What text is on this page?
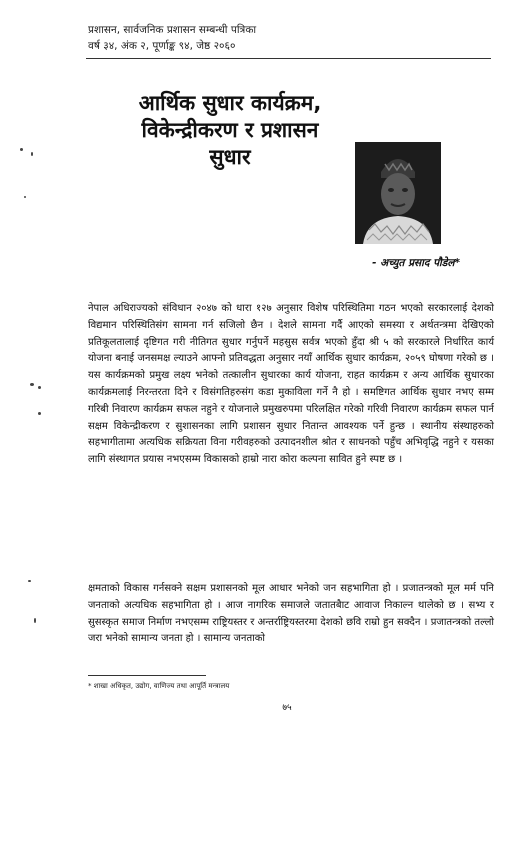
प्रशासन, सार्वजनिक प्रशासन सम्बन्धी पत्रिका
वर्ष ३४, अंक २, पूर्णाङ्क ९४, जेष्ठ २०६०
आर्थिक सुधार कार्यक्रम,
विकेन्द्रीकरण र प्रशासन
सुधार
- अच्युत प्रसाद पौडेल*

नेपाल अधिराज्यको संविधान २०४७ को धारा १२७ अनुसार विशेष परिस्थितिमा गठन भएको सरकारलाई देशको विद्यमान परिस्थितिसंग सामना गर्न सजिलो छैन । देशले सामना गर्दै आएको समस्या र अर्थतन्त्रमा देखिएको प्रतिकूलतालाई दृष्टिगत गरी नीतिगत सुधार गर्नुपर्ने महसुस सर्वत्र भएको हुँदा श्री ५ को सरकारले निर्धारित कार्य योजना बनाई जनसमक्ष ल्याउने आफ्नो प्रतिवद्धता अनुसार नयाँ आर्थिक सुधार कार्यक्रम, २०५९ घोषणा गरेको छ । यस कार्यक्रमको प्रमुख लक्ष्य भनेको तत्कालीन सुधारका कार्य योजना, राहत कार्यक्रम र अन्य आर्थिक सुधारका कार्यक्रमलाई निरन्तरता दिने र विसंगतिहरुसंग कडा मुकाविला गर्ने नै हो । समष्टिगत आर्थिक सुधार नभए सम्म गरिबी निवारण कार्यक्रम सफल नहुने र योजनाले प्रमुखरुपमा परिलक्षित गरेको गरिवी निवारण कार्यक्रम सफल पार्न सक्षम विकेन्द्रीकरण र सुशासनका लागि प्रशासन सुधार नितान्त आवश्यक पर्ने हुन्छ । स्थानीय संस्थाहरुको सहभागीतामा अत्यधिक सक्रियता विना गरीवहरुको उत्पादनशील श्रोत र साधनको पहुँच अभिवृद्धि नहुने र यसका लागि संस्थागत प्रयास नभएसम्म विकासको हाम्रो नारा कोरा कल्पना सावित हुने स्पष्ट छ ।

क्षमताको विकास गर्नसक्ने सक्षम प्रशासनको मूल आधार भनेको जन सहभागिता हो । प्रजातन्त्रको मूल मर्म पनि जनताको अत्यधिक सहभागिता हो । आज नागरिक समाजले जतातबैाट आवाज निकाल्न थालेको छ । सभ्य र सुसस्कृत समाज निर्माण नभएसम्म राष्ट्रियस्तर र अन्तर्राष्ट्रियस्तरमा देशको छवि राम्रो हुन सक्दैन । प्रजातन्त्रको तल्लो जरा भनेको सामान्य जनता हो । सामान्य जनताको

* शाखा अधिकृत, उद्योग, वाणिज्य तथा आपूर्ति मन्त्रालय
७५
